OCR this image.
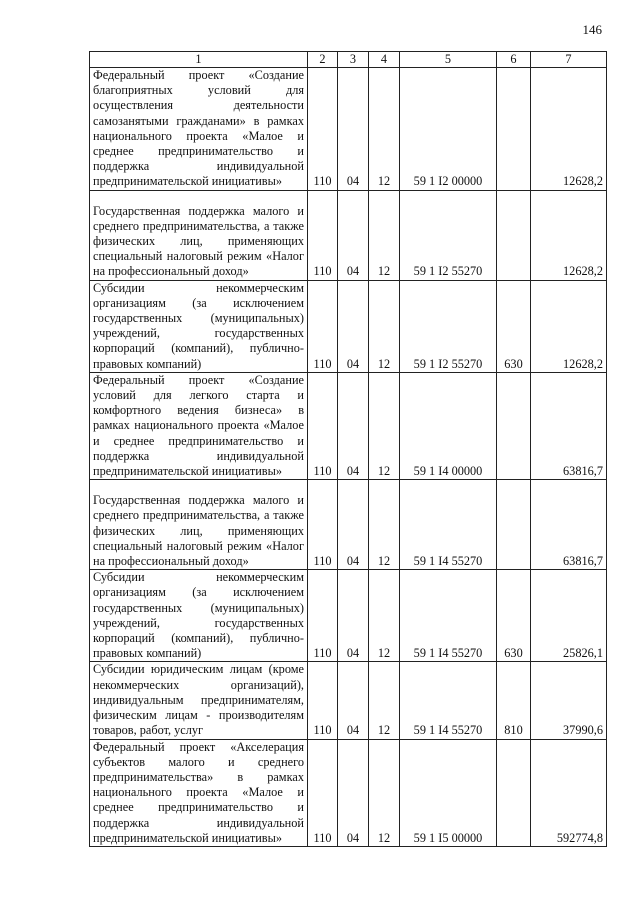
146
1	2	3	4	5	6	7
Федеральный проект «Создание благоприятных условий для осуществления деятельности самозанятыми гражданами» в рамках национального проекта «Малое и среднее предпринимательство и поддержка индивидуальной предпринимательской инициативы»	110	04	12	59 1 I2 00000		12628,2
Государственная поддержка малого и среднего предпринимательства, а также физических лиц, применяющих специальный налоговый режим «Налог на профессиональный доход»	110	04	12	59 1 I2 55270		12628,2
Субсидии некоммерческим организациям (за исключением государственных (муниципальных) учреждений, государственных корпораций (компаний), публично-правовых компаний)	110	04	12	59 1 I2 55270	630	12628,2
Федеральный проект «Создание условий для легкого старта и комфортного ведения бизнеса» в рамках национального проекта «Малое и среднее предпринимательство и поддержка индивидуальной предпринимательской инициативы»	110	04	12	59 1 I4 00000		63816,7
Государственная поддержка малого и среднего предпринимательства, а также физических лиц, применяющих специальный налоговый режим «Налог на профессиональный доход»	110	04	12	59 1 I4 55270		63816,7
Субсидии некоммерческим организациям (за исключением государственных (муниципальных) учреждений, государственных корпораций (компаний), публично-правовых компаний)	110	04	12	59 1 I4 55270	630	25826,1
Субсидии юридическим лицам (кроме некоммерческих организаций), индивидуальным предпринимателям, физическим лицам - производителям товаров, работ, услуг	110	04	12	59 1 I4 55270	810	37990,6
Федеральный проект «Акселерация субъектов малого и среднего предпринимательства» в рамках национального проекта «Малое и среднее предпринимательство и поддержка индивидуальной предпринимательской инициативы»	110	04	12	59 1 I5 00000		592774,8
